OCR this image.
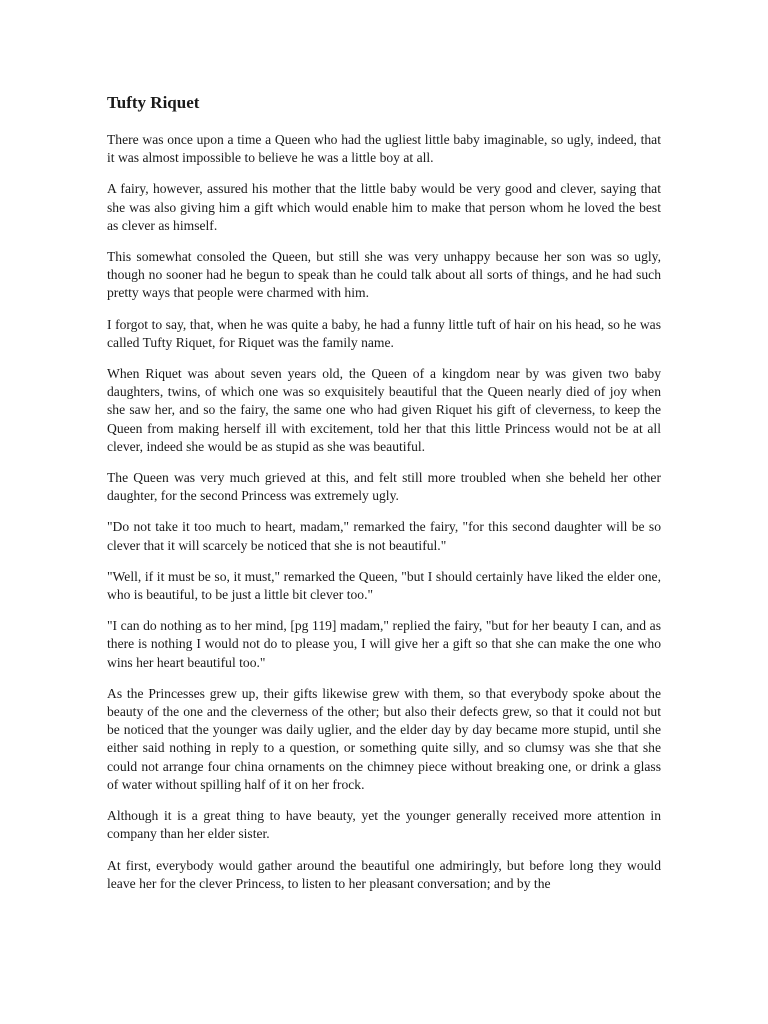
Tufty Riquet

There was once upon a time a Queen who had the ugliest little baby imaginable, so ugly, indeed, that it was almost impossible to believe he was a little boy at all.

A fairy, however, assured his mother that the little baby would be very good and clever, saying that she was also giving him a gift which would enable him to make that person whom he loved the best as clever as himself.

This somewhat consoled the Queen, but still she was very unhappy because her son was so ugly, though no sooner had he begun to speak than he could talk about all sorts of things, and he had such pretty ways that people were charmed with him.

I forgot to say, that, when he was quite a baby, he had a funny little tuft of hair on his head, so he was called Tufty Riquet, for Riquet was the family name.

When Riquet was about seven years old, the Queen of a kingdom near by was given two baby daughters, twins, of which one was so exquisitely beautiful that the Queen nearly died of joy when she saw her, and so the fairy, the same one who had given Riquet his gift of cleverness, to keep the Queen from making herself ill with excitement, told her that this little Princess would not be at all clever, indeed she would be as stupid as she was beautiful.

The Queen was very much grieved at this, and felt still more troubled when she beheld her other daughter, for the second Princess was extremely ugly.

"Do not take it too much to heart, madam," remarked the fairy, "for this second daughter will be so clever that it will scarcely be noticed that she is not beautiful."

"Well, if it must be so, it must," remarked the Queen, "but I should certainly have liked the elder one, who is beautiful, to be just a little bit clever too."

"I can do nothing as to her mind, [pg 119] madam," replied the fairy, "but for her beauty I can, and as there is nothing I would not do to please you, I will give her a gift so that she can make the one who wins her heart beautiful too."

As the Princesses grew up, their gifts likewise grew with them, so that everybody spoke about the beauty of the one and the cleverness of the other; but also their defects grew, so that it could not but be noticed that the younger was daily uglier, and the elder day by day became more stupid, until she either said nothing in reply to a question, or something quite silly, and so clumsy was she that she could not arrange four china ornaments on the chimney piece without breaking one, or drink a glass of water without spilling half of it on her frock.

Although it is a great thing to have beauty, yet the younger generally received more attention in company than her elder sister.

At first, everybody would gather around the beautiful one admiringly, but before long they would leave her for the clever Princess, to listen to her pleasant conversation; and by the
